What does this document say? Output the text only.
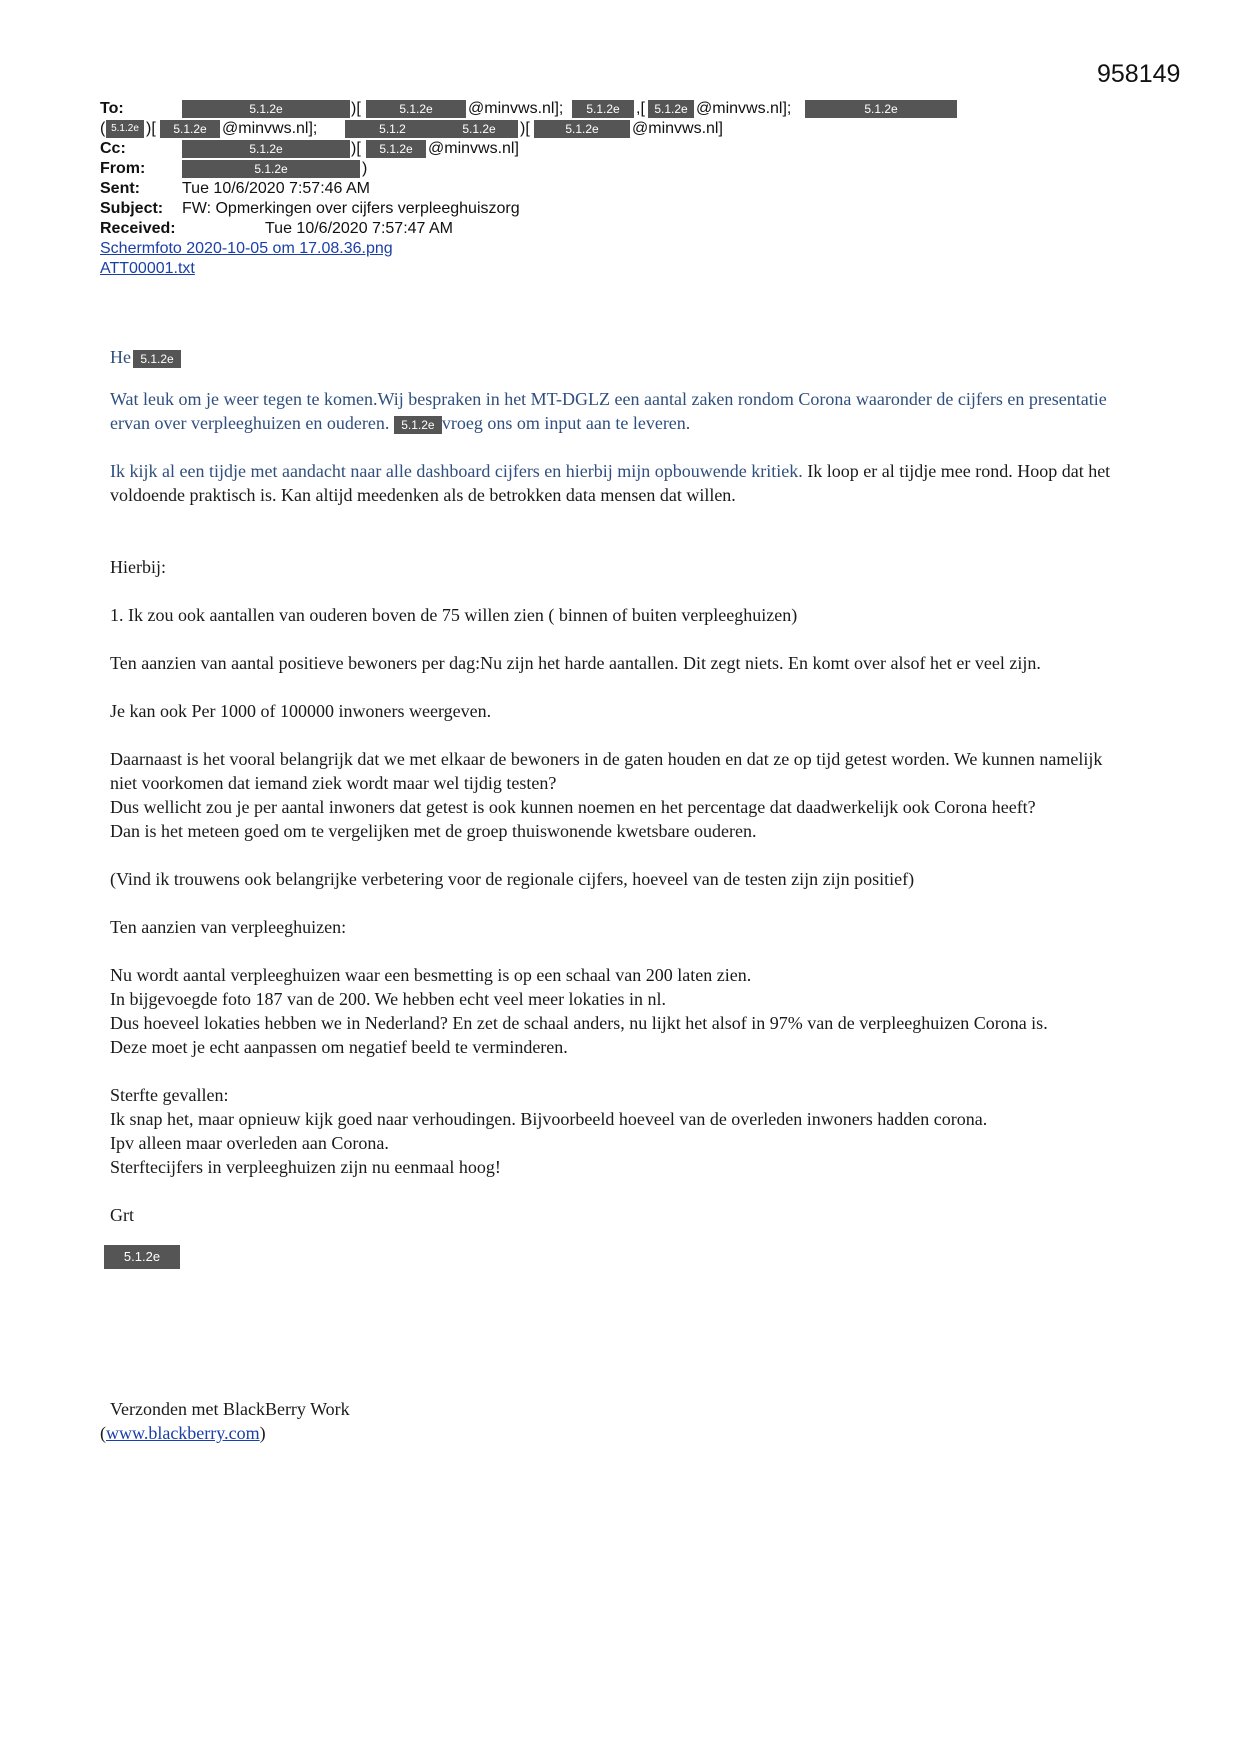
958149
To:	5.1.2e	)[	5.1.2e	@minvws.nl];	5.1.2e	,[ 5.1.2e @minvws.nl];	5.1.2e
( 5.1.2e )[	5.1.2e @minvws.nl];	5.1.2	5.1.2e	)[	5.1.2e	@minvws.nl]
Cc:	5.1.2e	)[	5.1.2e @minvws.nl]
From:	5.1.2e	)
Sent:	Tue 10/6/2020 7:57:46 AM
Subject: FW: Opmerkingen over cijfers verpleeghuiszorg
Received:	Tue 10/6/2020 7:57:47 AM
Schermfoto 2020-10-05 om 17.08.36.png
ATT00001.txt

He 5.1.2e

Wat leuk om je weer tegen te komen.Wij bespraken in het MT-DGLZ een aantal zaken rondom Corona waaronder de cijfers en presentatie ervan over verpleeghuizen en ouderen. 5.1.2e vroeg ons om input aan te leveren.

Ik kijk al een tijdje met aandacht naar alle dashboard cijfers en hierbij mijn opbouwende kritiek. Ik loop er al tijdje mee rond. Hoop dat het voldoende praktisch is. Kan altijd meedenken als de betrokken data mensen dat willen.

Hierbij:

1. Ik zou ook aantallen van ouderen boven de 75 willen zien ( binnen of buiten verpleeghuizen)

Ten aanzien van aantal positieve bewoners per dag:Nu zijn het harde aantallen. Dit zegt niets. En komt over alsof het er veel zijn.

Je kan ook Per 1000 of 100000 inwoners weergeven.

Daarnaast is het vooral belangrijk dat we met elkaar de bewoners in de gaten houden en dat ze op tijd getest worden. We kunnen namelijk niet voorkomen dat iemand ziek wordt maar wel tijdig testen?
Dus wellicht zou je per aantal inwoners dat getest is ook kunnen noemen en het percentage dat daadwerkelijk ook Corona heeft?
Dan is het meteen goed om te vergelijken met de groep thuiswonende kwetsbare ouderen.

(Vind ik trouwens ook belangrijke verbetering voor de regionale cijfers, hoeveel van de testen zijn zijn positief)

Ten aanzien van verpleeghuizen:

Nu wordt aantal verpleeghuizen waar een besmetting is op een schaal van 200 laten zien.
In bijgevoegde foto 187 van de 200. We hebben echt veel meer lokaties in nl.
Dus hoeveel lokaties hebben we in Nederland? En zet de schaal anders, nu lijkt het alsof in 97% van de verpleeghuizen Corona is.
Deze moet je echt aanpassen om negatief beeld te verminderen.
Sterfte gevallen:
Ik snap het, maar opnieuw kijk goed naar verhoudingen. Bijvoorbeeld hoeveel van de overleden inwoners hadden corona.
Ipv alleen maar overleden aan Corona.
Sterftecijfers in verpleeghuizen zijn nu eenmaal hoog!

Grt

5.1.2e
Verzonden met BlackBerry Work
(www.blackberry.com)
